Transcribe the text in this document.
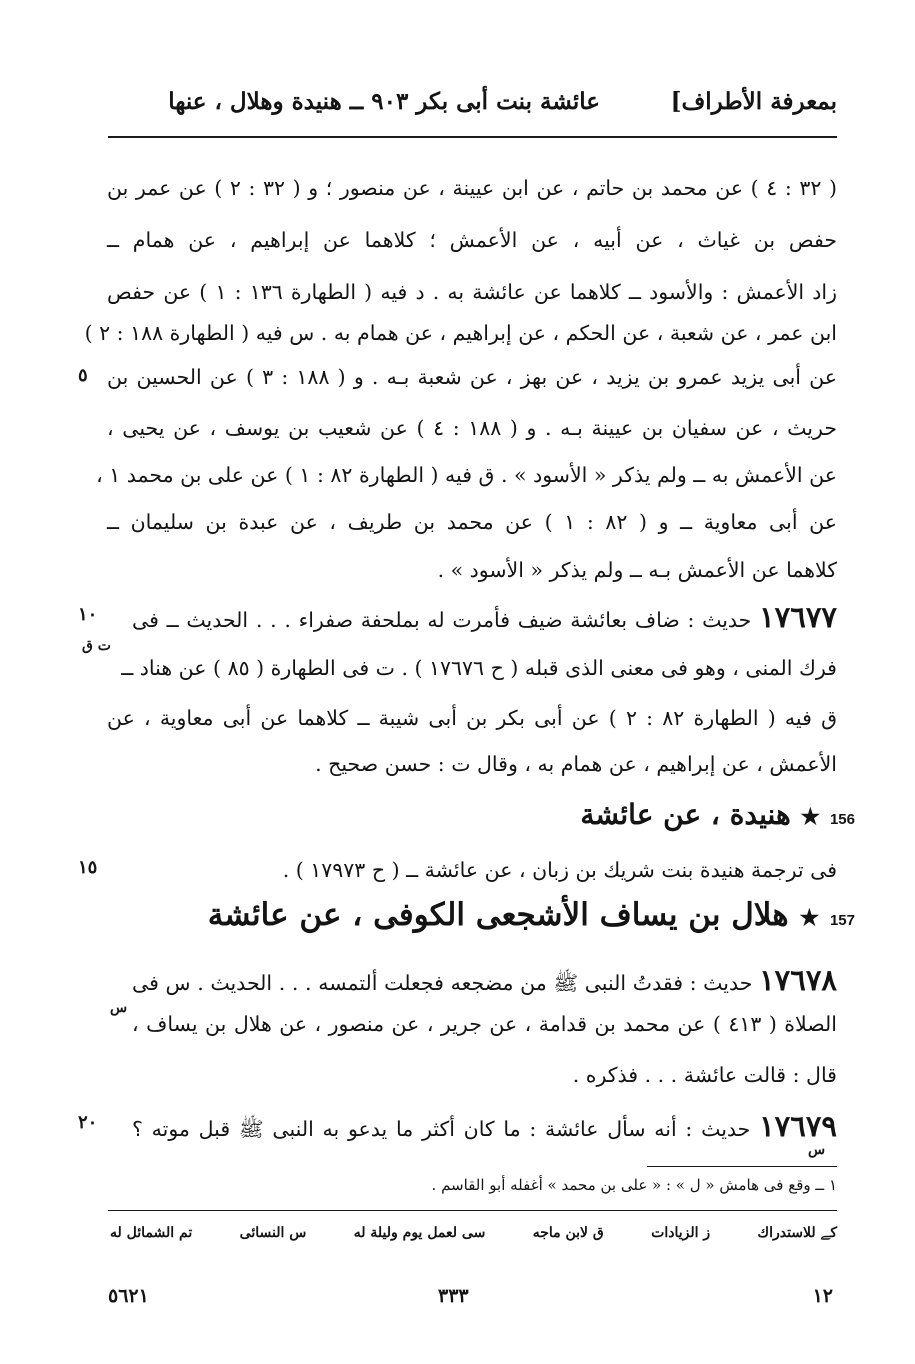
بمعرفة الأطراف]
عائشة بنت أبى بكر ٩٠٣ ــ هنيدة وهلال ، عنها
( ٣٢ : ٤ ) عن محمد بن حاتم ، عن ابن عيينة ، عن منصور ؛ و ( ٣٢ : ٢ ) عن عمر بن
حفص بن غياث ، عن أبيه ، عن الأعمش ؛ كلاهما عن إبراهيم ، عن همام ــ
زاد الأعمش : والأسود ــ كلاهما عن عائشة به . د فيه ( الطهارة ١٣٦ : ١ ) عن حفص
ابن عمر ، عن شعبة ، عن الحكم ، عن إبراهيم ، عن همام به . س فيه ( الطهارة ١٨٨ : ٢ )
عن أبى يزيد عمرو بن يزيد ، عن بهز ، عن شعبة بـه . و ( ١٨٨ : ٣ ) عن الحسين بن
حريث ، عن سفيان بن عيينة بـه . و ( ١٨٨ : ٤ ) عن شعيب بن يوسف ، عن يحيى ،
عن الأعمش به ــ ولم يذكر « الأسود » . ق فيه ( الطهارة ٨٢ : ١ ) عن على بن محمد ١ ،
عن أبى معاوية ــ و ( ٨٢ : ١ ) عن محمد بن طريف ، عن عبدة بن سليمان ــ
كلاهما عن الأعمش بـه ــ ولم يذكر « الأسود » .
١٧٦٧٧ حديث : ضاف بعائشة ضيف فأمرت له بملحفة صفراء . . . الحديث ــ فى
فرك المنى ، وهو فى معنى الذى قبله ( ح ١٧٦٧٦ ) . ت فى الطهارة ( ٨٥ ) عن هناد ــ
ق فيه ( الطهارة ٨٢ : ٢ ) عن أبى بكر بن أبى شيبة ــ كلاهما عن أبى معاوية ، عن
الأعمش ، عن إبراهيم ، عن همام به ، وقال ت : حسن صحيح .
ت ق
156 ★ هنيدة ، عن عائشة
فى ترجمة هنيدة بنت شريك بن زبان ، عن عائشة ــ ( ح ١٧٩٧٣ ) .
157 ★ هلال بن يساف الأشجعى الكوفى ، عن عائشة
١٧٦٧٨ حديث : فقدتُ النبى ﷺ من مضجعه فجعلت ألتمسه . . . الحديث . س فى
الصلاة ( ٤١٣ ) عن محمد بن قدامة ، عن جرير ، عن منصور ، عن هلال بن يساف ،
قال : قالت عائشة . . . فذكره .
س
١٧٦٧٩ حديث : أنه سأل عائشة : ما كان أكثر ما يدعو به النبى ﷺ قبل موته ؟
س
٥
١٠
١٥
٢٠
١ ــ وقع فى هامش « ل » : « على بن محمد » أغفله أبو القاسم .
تم الشمائل له	س النسائى	سى لعمل يوم وليلة له	ق لابن ماجه	ز الزيادات	ﻛﮯ للاستدراك
١٢
٣٣٣
٥٦٢١
